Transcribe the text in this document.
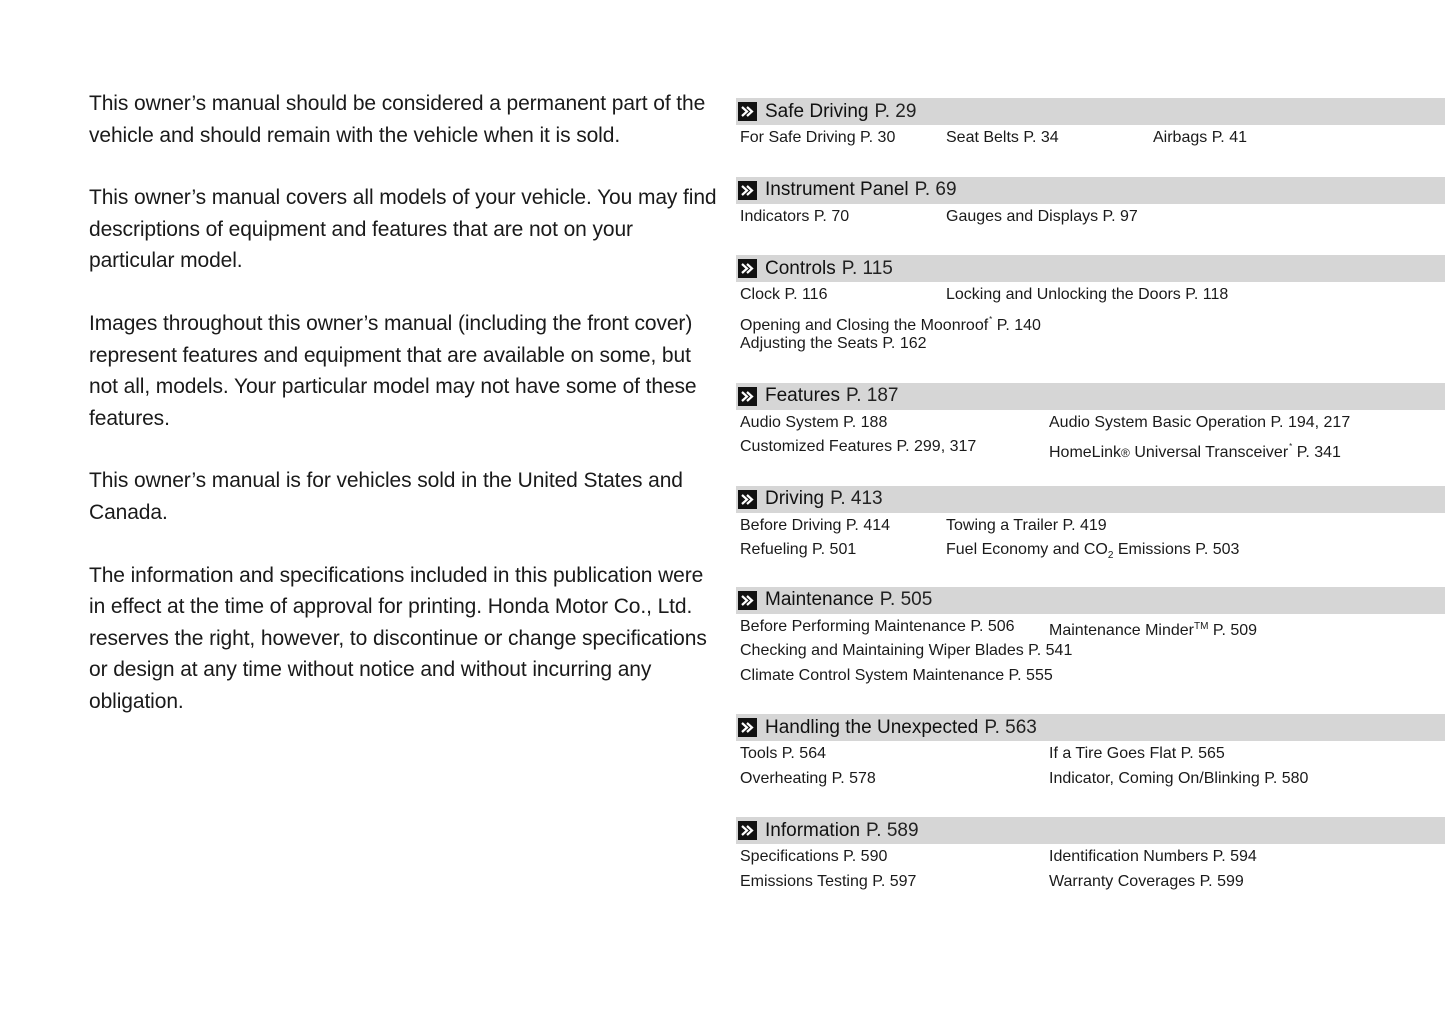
This owner’s manual should be considered a permanent part of the vehicle and should remain with the vehicle when it is sold.

This owner’s manual covers all models of your vehicle. You may find descriptions of equipment and features that are not on your particular model.

Images throughout this owner’s manual (including the front cover) represent features and equipment that are available on some, but not all, models. Your particular model may not have some of these features.

This owner’s manual is for vehicles sold in the United States and Canada.

The information and specifications included in this publication were in effect at the time of approval for printing. Honda Motor Co., Ltd. reserves the right, however, to discontinue or change specifications or design at any time without notice and without incurring any obligation.

Safe Driving P. 29
For Safe Driving P. 30	Seat Belts P. 34	Airbags P. 41
Instrument Panel P. 69
Indicators P. 70	Gauges and Displays P. 97
Controls P. 115
Clock P. 116	Locking and Unlocking the Doors P. 118
Opening and Closing the Moonroof* P. 140
Adjusting the Seats P. 162
Features P. 187
Audio System P. 188	Audio System Basic Operation P. 194, 217
Customized Features P. 299, 317	HomeLink® Universal Transceiver* P. 341
Driving P. 413
Before Driving P. 414	Towing a Trailer P. 419
Refueling P. 501	Fuel Economy and $CO_2$ Emissions P. 503
Maintenance P. 505
Before Performing Maintenance P. 506 Maintenance Minder™ P. 509
Checking and Maintaining Wiper Blades P. 541
Climate Control System Maintenance P. 555
Handling the Unexpected P. 563
Tools P. 564	If a Tire Goes Flat P. 565
Overheating P. 578	Indicator, Coming On/Blinking P. 580
Information P. 589
Specifications P. 590	Identification Numbers P. 594
Emissions Testing P. 597	Warranty Coverages P. 599
